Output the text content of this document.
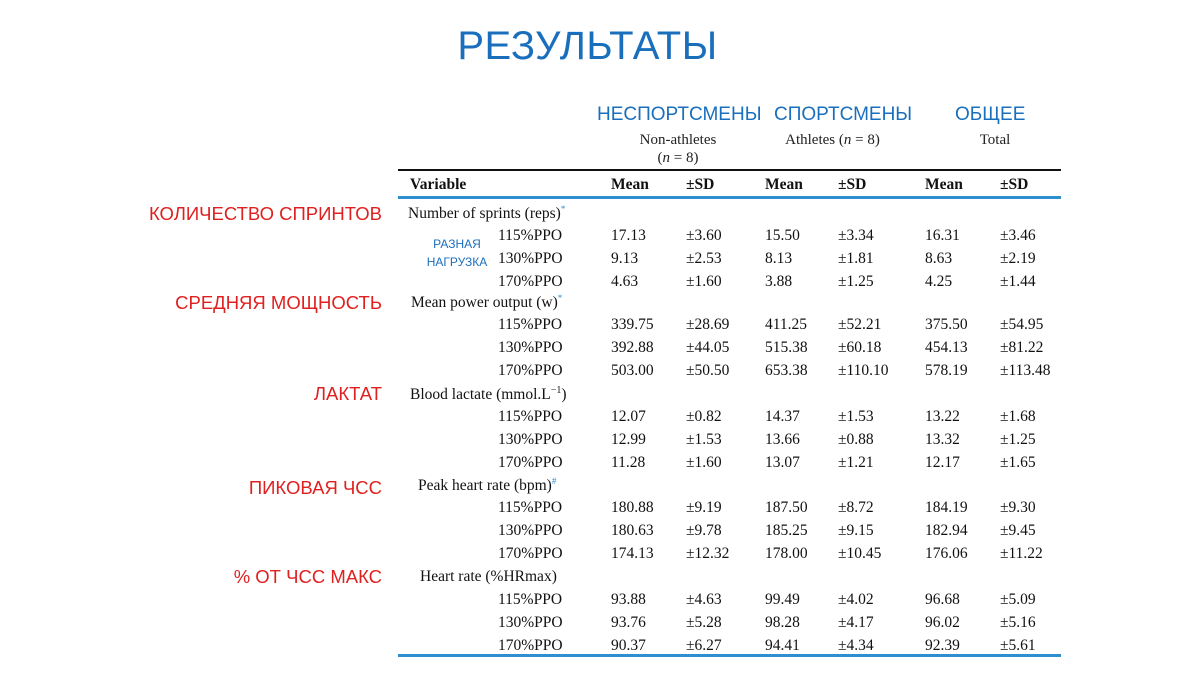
РЕЗУЛЬТАТЫ
НЕСПОРТСМЕНЫ СПОРТСМЕНЫ ОБЩЕЕ
Non-athletes
(n = 8)
Athletes (n = 8)	Total
Variable	Mean ±SD	Mean ±SD	Mean ±SD
РАЗНАЯ НАГРУЗКА
КОЛИЧЕСТВО СПРИНТОВ Number of sprints (reps)*
115%PPO	17.13	±3.60	15.50 ±3.34	16.31	±3.46
130%PPO	9.13	±2.53	8.13	±1.81	8.63	±2.19
170%PPO	4.63	±1.60	3.88	±1.25	4.25	±1.44
СРЕДНЯЯ МОЩНОСТЬ Mean power output (w)*
115%PPO	339.75 ±28.69 411.25 ±52.21	375.50 ±54.95
130%PPO	392.88 ±44.05 515.38 ±60.18	454.13 ±81.22
170%PPO	503.00 ±50.50 653.38 ±110.10 578.19 ±113.48
ЛАКТАТ Blood lactate $(mmol.L^{-1})$
115%PPO	12.07	±0.82	14.37 ±1.53	13.22	±1.68
130%PPO	12.99	±1.53	13.66 ±0.88	13.32	±1.25
170%PPO	11.28	±1.60	13.07 ±1.21	12.17	±1.65
ПИКОВАЯ ЧСС Peak heart rate (bpm)#
115%PPO	180.88 ±9.19	187.50 ±8.72	184.19 ±9.30
130%PPO	180.63 ±9.78	185.25 ±9.15	182.94 ±9.45
170%PPO	174.13 ±12.32 178.00 ±10.45	176.06 ±11.22
% ОТ ЧСС МАКС Heart rate (%HRmax)
115%PPO	93.88	±4.63	99.49 ±4.02	96.68	±5.09
130%PPO	93.76	±5.28	98.28 ±4.17	96.02	±5.16
170%PPO	90.37	±6.27	94.41 ±4.34	92.39	±5.61
